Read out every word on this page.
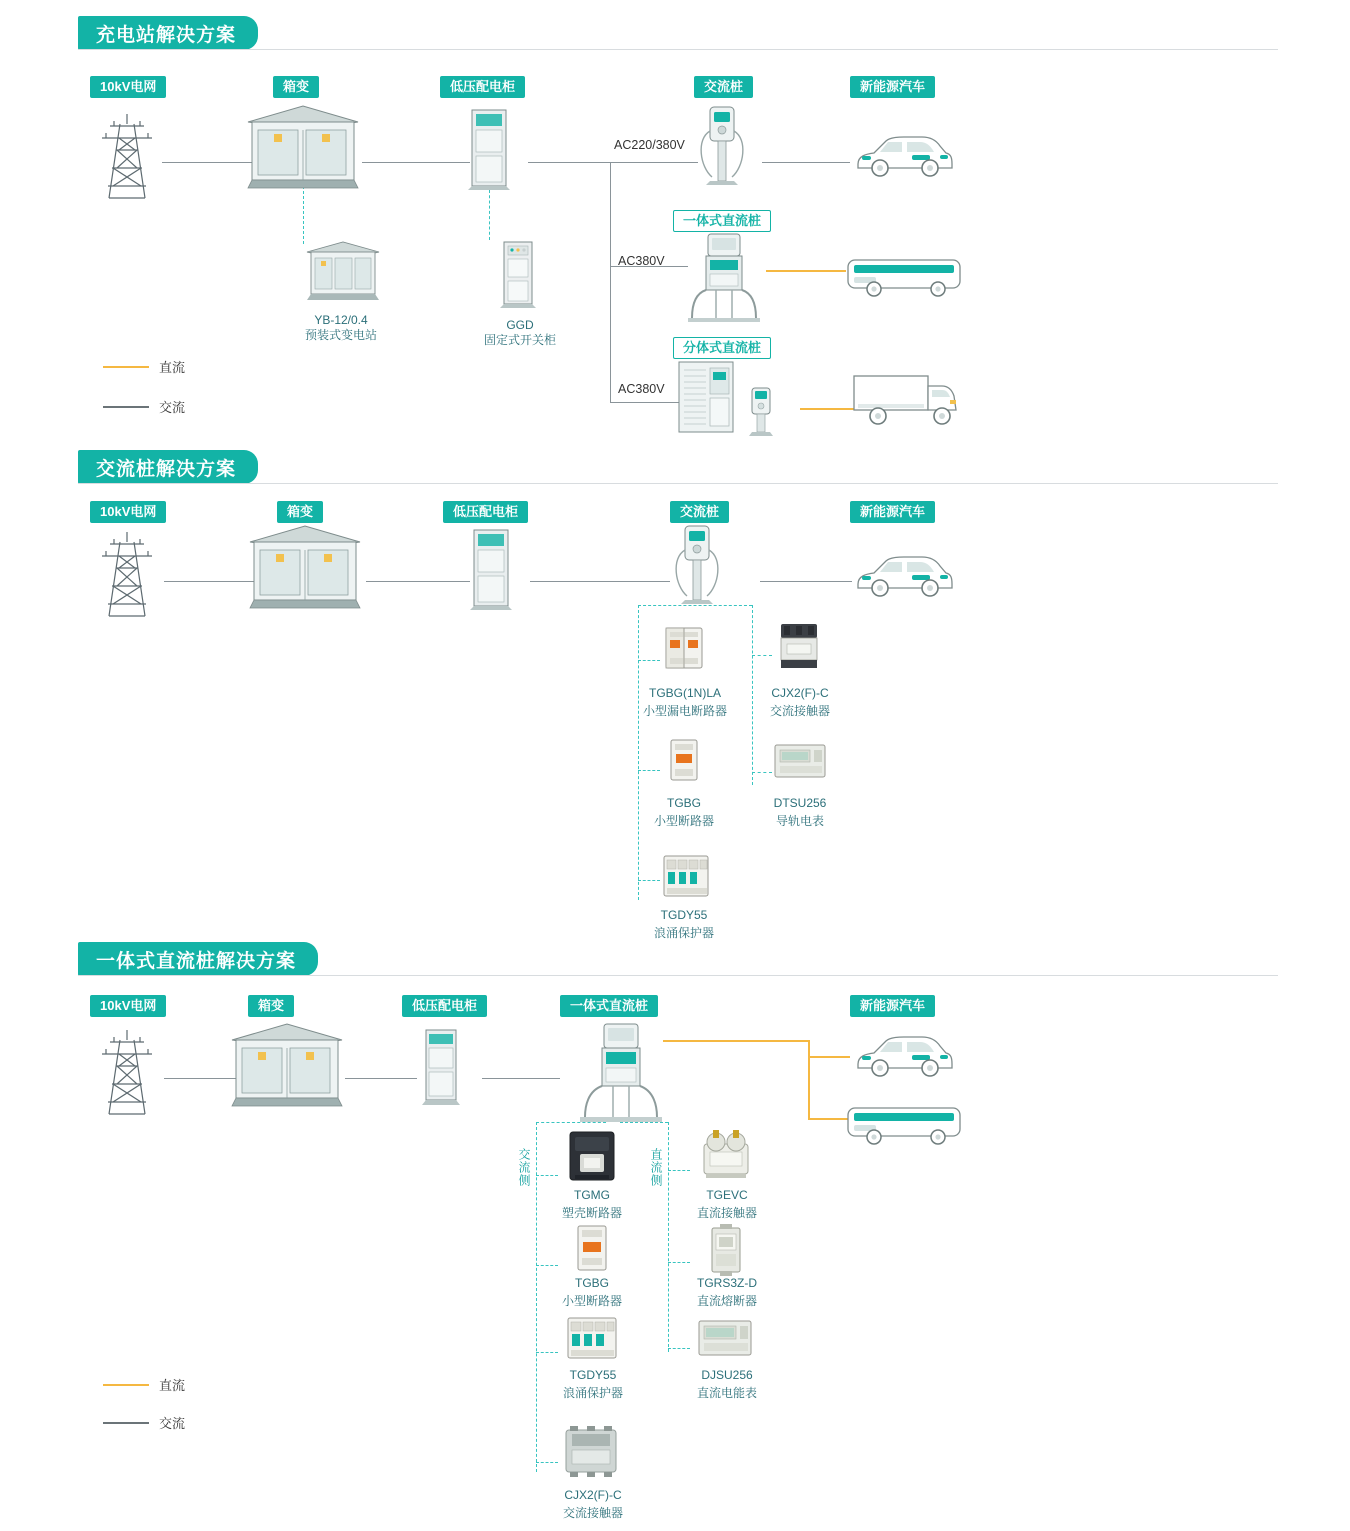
充电站解决方案
10kV电网	箱变	低压配电柜	交流桩	新能源汽车
一体式直流桩
分体式直流桩
AC220/380V
AC380V
AC380V
YB-12/0.4
预装式变电站
GGD
固定式开关柜
直流
交流
交流桩解决方案
10kV电网	箱变	低压配电柜	交流桩	新能源汽车
TGBG(1N)LA
小型漏电断路器
CJX2(F)-C
交流接触器
TGBG
小型断路器
DTSU256
导轨电表
TGDY55
浪涌保护器
一体式直流桩解决方案
10kV电网	箱变	低压配电柜	一体式直流桩	新能源汽车
交流侧	直流侧
TGMG
塑壳断路器
TGBG
小型断路器
TGDY55
浪涌保护器
CJX2(F)-C
交流接触器
TGEVC
直流接触器
TGRS3Z-D
直流熔断器
DJSU256
直流电能表
直流
交流
